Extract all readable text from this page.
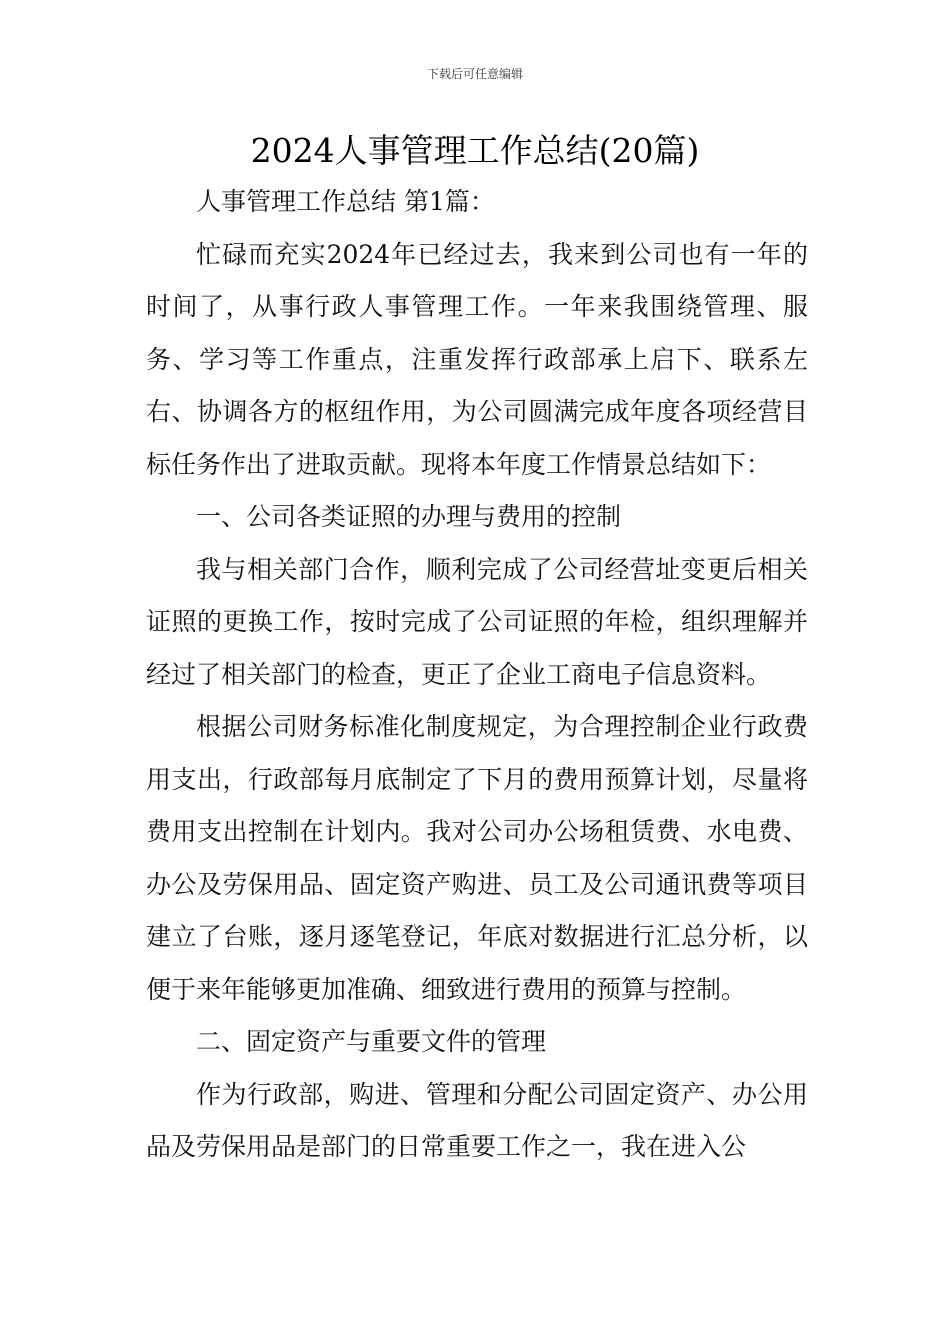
下载后可任意编辑
2024人事管理工作总结(20篇)

人事管理工作总结 第1篇：

忙碌而充实2024年已经过去，我来到公司也有一年的时间了，从事行政人事管理工作。一年来我围绕管理、服务、学习等工作重点，注重发挥行政部承上启下、联系左右、协调各方的枢纽作用，为公司圆满完成年度各项经营目标任务作出了进取贡献。现将本年度工作情景总结如下：

一、公司各类证照的办理与费用的控制

我与相关部门合作，顺利完成了公司经营址变更后相关证照的更换工作，按时完成了公司证照的年检，组织理解并经过了相关部门的检查，更正了企业工商电子信息资料。

根据公司财务标准化制度规定，为合理控制企业行政费用支出，行政部每月底制定了下月的费用预算计划，尽量将费用支出控制在计划内。我对公司办公场租赁费、水电费、办公及劳保用品、固定资产购进、员工及公司通讯费等项目建立了台账，逐月逐笔登记，年底对数据进行汇总分析，以便于来年能够更加准确、细致进行费用的预算与控制。

二、固定资产与重要文件的管理

作为行政部，购进、管理和分配公司固定资产、办公用品及劳保用品是部门的日常重要工作之一，我在进入公
